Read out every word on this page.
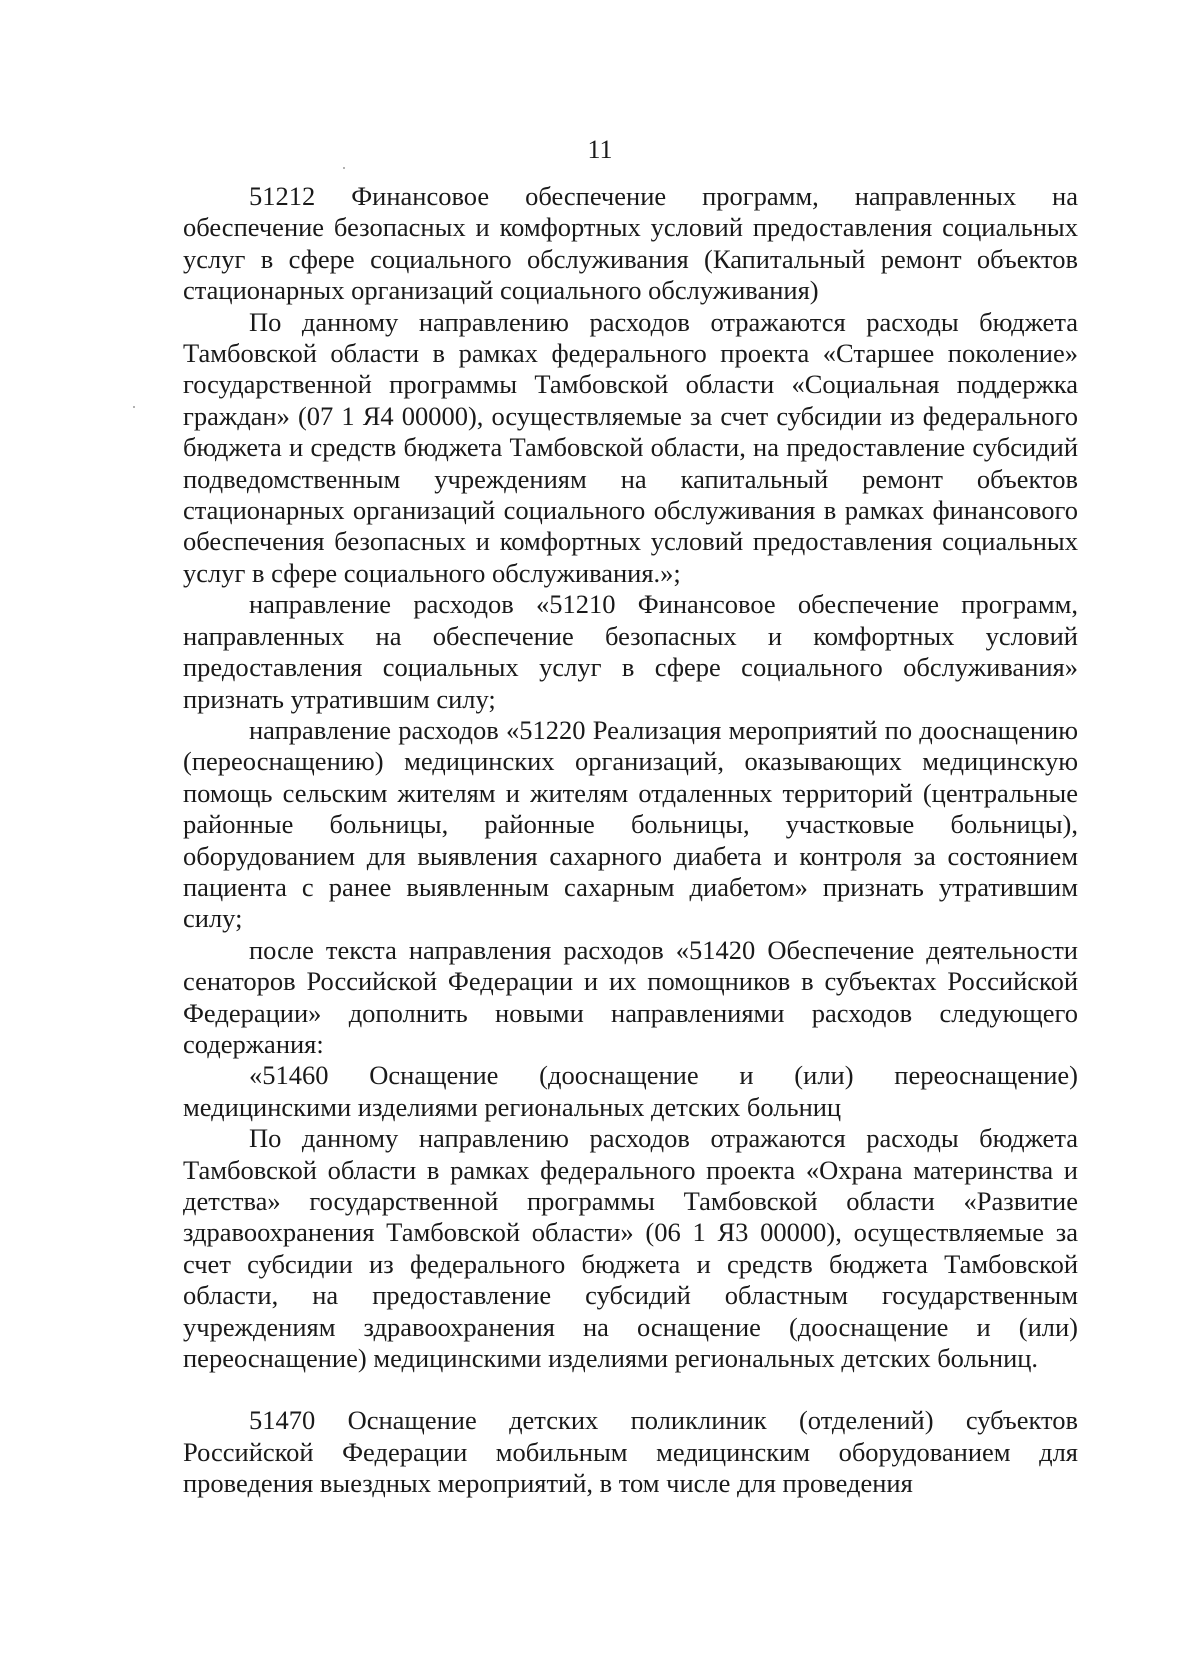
11

51212 Финансовое обеспечение программ, направленных на обеспечение безопасных и комфортных условий предоставления социальных услуг в сфере социального обслуживания (Капитальный ремонт объектов стационарных организаций социального обслуживания)

По данному направлению расходов отражаются расходы бюджета Тамбовской области в рамках федерального проекта «Старшее поколение» государственной программы Тамбовской области «Социальная поддержка граждан» (07 1 Я4 00000), осуществляемые за счет субсидии из федерального бюджета и средств бюджета Тамбовской области, на предоставление субсидий подведомственным учреждениям на капитальный ремонт объектов стационарных организаций социального обслуживания в рамках финансового обеспечения безопасных и комфортных условий предоставления социальных услуг в сфере социального обслуживания.»;

направление расходов «51210 Финансовое обеспечение программ, направленных на обеспечение безопасных и комфортных условий предоставления социальных услуг в сфере социального обслуживания» признать утратившим силу;

направление расходов «51220 Реализация мероприятий по дооснащению (переоснащению) медицинских организаций, оказывающих медицинскую помощь сельским жителям и жителям отдаленных территорий (центральные районные больницы, районные больницы, участковые больницы), оборудованием для выявления сахарного диабета и контроля за состоянием пациента с ранее выявленным сахарным диабетом» признать утратившим силу;

после текста направления расходов «51420 Обеспечение деятельности сенаторов Российской Федерации и их помощников в субъектах Российской Федерации» дополнить новыми направлениями расходов следующего содержания:

«51460 Оснащение (дооснащение и (или) переоснащение) медицинскими изделиями региональных детских больниц

По данному направлению расходов отражаются расходы бюджета Тамбовской области в рамках федерального проекта «Охрана материнства и детства» государственной программы Тамбовской области «Развитие здравоохранения Тамбовской области» (06 1 Я3 00000), осуществляемые за счет субсидии из федерального бюджета и средств бюджета Тамбовской области, на предоставление субсидий областным государственным учреждениям здравоохранения на оснащение (дооснащение и (или) переоснащение) медицинскими изделиями региональных детских больниц.

51470 Оснащение детских поликлиник (отделений) субъектов Российской Федерации мобильным медицинским оборудованием для проведения выездных мероприятий, в том числе для проведения
